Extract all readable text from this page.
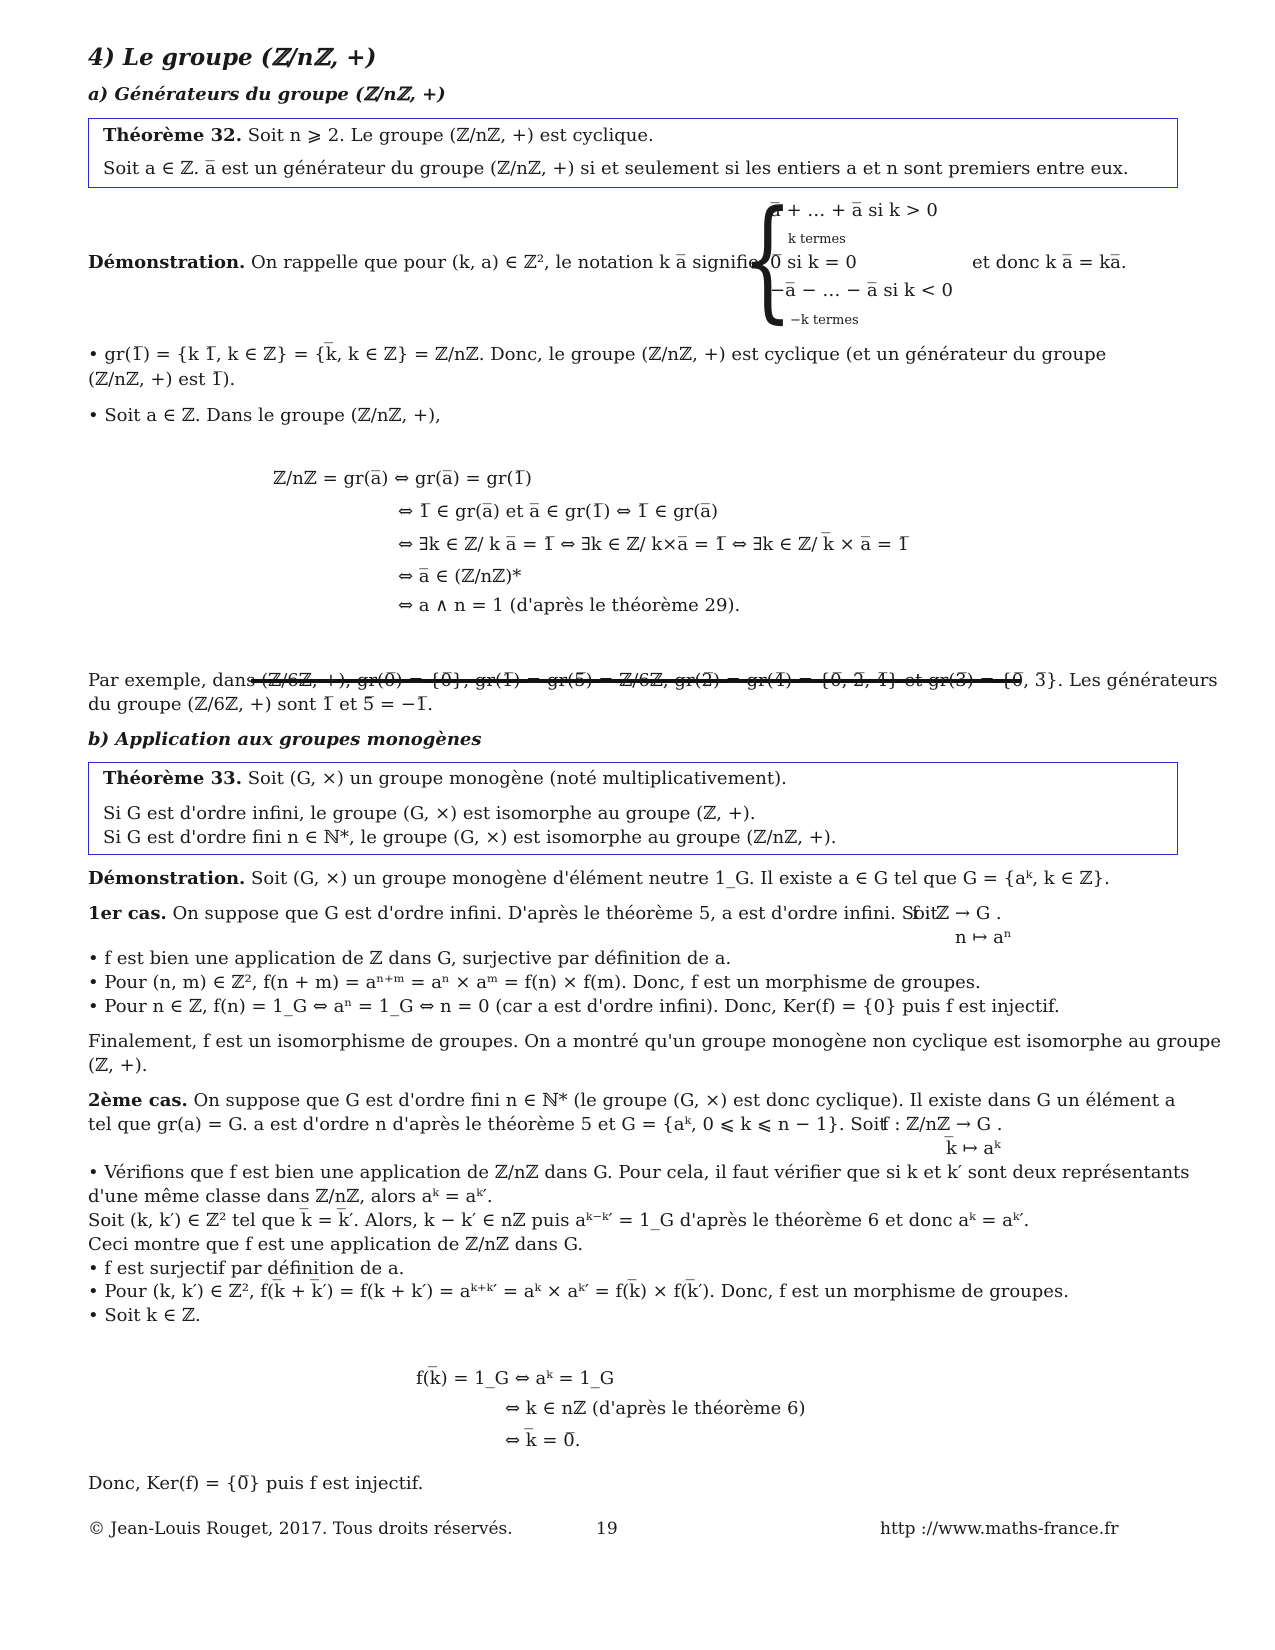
4) Le groupe (ℤ/nℤ, +)
a) Générateurs du groupe (ℤ/nℤ, +)
Théorème 32. Soit n ⩾ 2. Le groupe (ℤ/nℤ, +) est cyclique.
Soit a ∈ ℤ. a̅ est un générateur du groupe (ℤ/nℤ, +) si et seulement si les entiers a et n sont premiers entre eux.
Démonstration. On rappelle que pour (k, a) ∈ ℤ², le notation k a̅ signifie
{
a̅ + … + a̅ si k > 0
k termes
0̅ si k = 0
−a̅ − … − a̅ si k < 0
−k termes
et donc k a̅ = ka̅.
• gr(1̅) = {k 1̅, k ∈ ℤ} = {k̅, k ∈ ℤ} = ℤ/nℤ. Donc, le groupe (ℤ/nℤ, +) est cyclique (et un générateur du groupe
(ℤ/nℤ, +) est 1̅).
• Soit a ∈ ℤ. Dans le groupe (ℤ/nℤ, +),
ℤ/nℤ = gr(a̅) ⇔ gr(a̅) = gr(1̅)
⇔ 1̅ ∈ gr(a̅) et a̅ ∈ gr(1̅) ⇔ 1̅ ∈ gr(a̅)
⇔ ∃k ∈ ℤ/ k a̅ = 1̅ ⇔ ∃k ∈ ℤ/ k×a̅ = 1̅ ⇔ ∃k ∈ ℤ/ k̅ × a̅ = 1̅
⇔ a̅ ∈ (ℤ/nℤ)*
⇔ a ∧ n = 1 (d'après le théorème 29).
Par exemple, dans (ℤ/6ℤ, +), gr(0̅) = {0̅}, gr(1̅) = gr(5̅) = ℤ/6ℤ, gr(2̅) = gr(4̅) = {0̅, 2̅, 4̅} et gr(3̅) = {0̅, 3̅}. Les générateurs
du groupe (ℤ/6ℤ, +) sont 1̅ et 5̅ = −1̅.
b) Application aux groupes monogènes
Théorème 33. Soit (G, ×) un groupe monogène (noté multiplicativement).
Si G est d'ordre infini, le groupe (G, ×) est isomorphe au groupe (ℤ, +).
Si G est d'ordre fini n ∈ ℕ*, le groupe (G, ×) est isomorphe au groupe (ℤ/nℤ, +).
Démonstration. Soit (G, ×) un groupe monogène d'élément neutre 1_G. Il existe a ∈ G tel que G = {aᵏ, k ∈ ℤ}.
1er cas. On suppose que G est d'ordre infini. D'après le théorème 5, a est d'ordre infini. Soit
f : ℤ → G .
n ↦ aⁿ
• f est bien une application de ℤ dans G, surjective par définition de a.
• Pour (n, m) ∈ ℤ², f(n + m) = aⁿ⁺ᵐ = aⁿ × aᵐ = f(n) × f(m). Donc, f est un morphisme de groupes.
• Pour n ∈ ℤ, f(n) = 1_G ⇔ aⁿ = 1_G ⇔ n = 0 (car a est d'ordre infini). Donc, Ker(f) = {0} puis f est injectif.
Finalement, f est un isomorphisme de groupes. On a montré qu'un groupe monogène non cyclique est isomorphe au groupe
(ℤ, +).
2ème cas. On suppose que G est d'ordre fini n ∈ ℕ* (le groupe (G, ×) est donc cyclique). Il existe dans G un élément a
tel que gr(a) = G. a est d'ordre n d'après le théorème 5 et G = {aᵏ, 0 ⩽ k ⩽ n − 1}. Soit
f : ℤ/nℤ → G .
k̅ ↦ aᵏ
• Vérifions que f est bien une application de ℤ/nℤ dans G. Pour cela, il faut vérifier que si k et k′ sont deux représentants
d'une même classe dans ℤ/nℤ, alors aᵏ = aᵏ′.
Soit (k, k′) ∈ ℤ² tel que k̅ = k̅′. Alors, k − k′ ∈ nℤ puis aᵏ⁻ᵏ′ = 1_G d'après le théorème 6 et donc aᵏ = aᵏ′.
Ceci montre que f est une application de ℤ/nℤ dans G.
• f est surjectif par définition de a.
• Pour (k, k′) ∈ ℤ², f(k̅ + k̅′) = f(k + k′) = aᵏ⁺ᵏ′ = aᵏ × aᵏ′ = f(k̅) × f(k̅′). Donc, f est un morphisme de groupes.
• Soit k ∈ ℤ.
f(k̅) = 1_G ⇔ aᵏ = 1_G
⇔ k ∈ nℤ (d'après le théorème 6)
⇔ k̅ = 0̅.
Donc, Ker(f) = {0̅} puis f est injectif.
© Jean-Louis Rouget, 2017. Tous droits réservés.	19	http ://www.maths-france.fr
